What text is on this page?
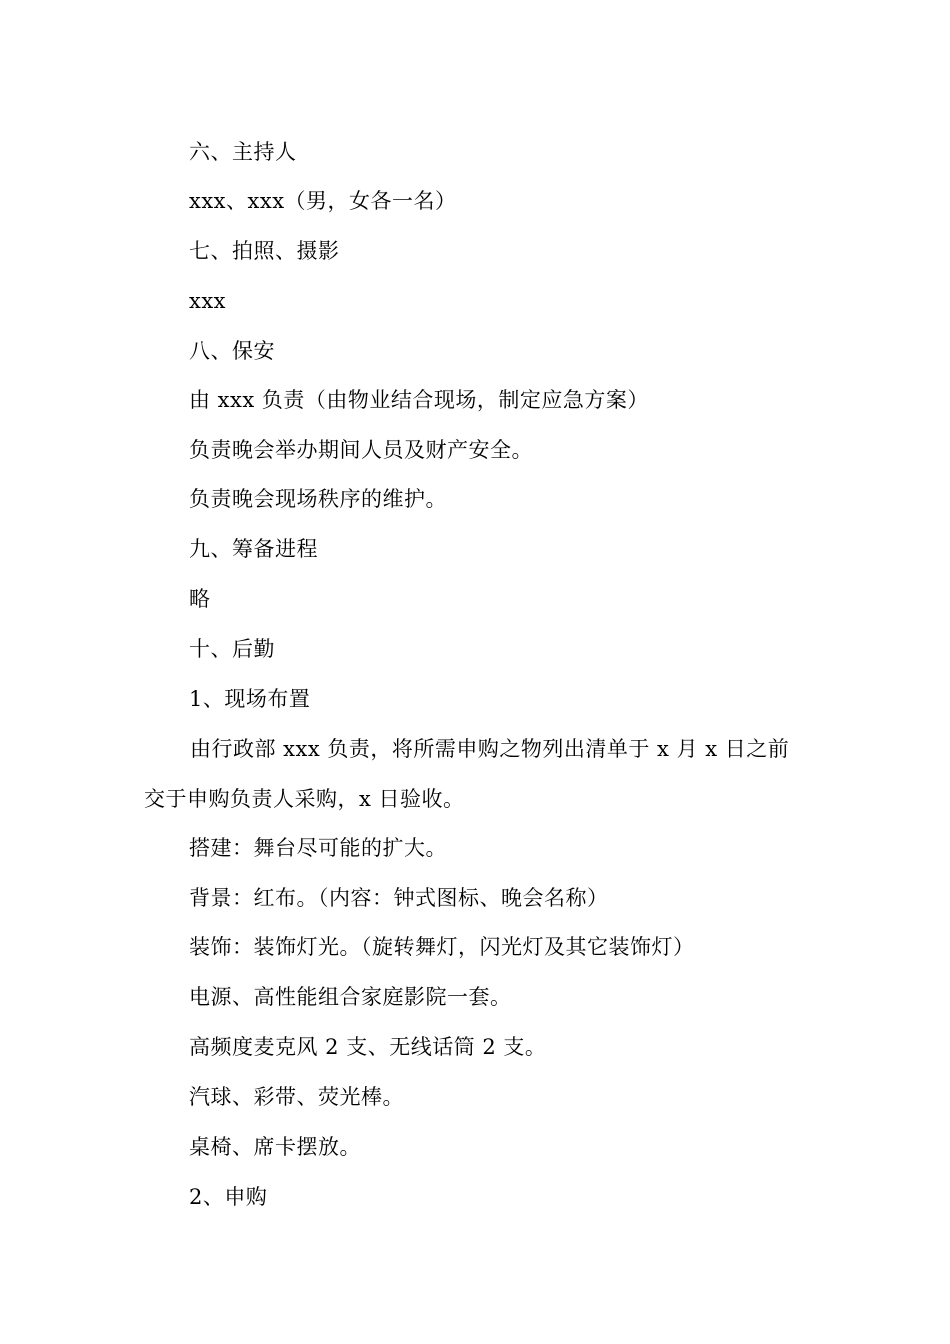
六、主持人
xxx、xxx（男，女各一名）
七、拍照、摄影
xxx
八、保安
由 xxx 负责（由物业结合现场，制定应急方案）
负责晚会举办期间人员及财产安全。
负责晚会现场秩序的维护。
九、筹备进程
略
十、后勤
1、现场布置
由行政部 xxx 负责，将所需申购之物列出清单于 x 月 x 日之前
交于申购负责人采购，x 日验收。
搭建：舞台尽可能的扩大。
背景：红布。（内容：钟式图标、晚会名称）
装饰：装饰灯光。（旋转舞灯，闪光灯及其它装饰灯）
电源、高性能组合家庭影院一套。
高频度麦克风 2 支、无线话筒 2 支。
汽球、彩带、荧光棒。
桌椅、席卡摆放。
2、申购
